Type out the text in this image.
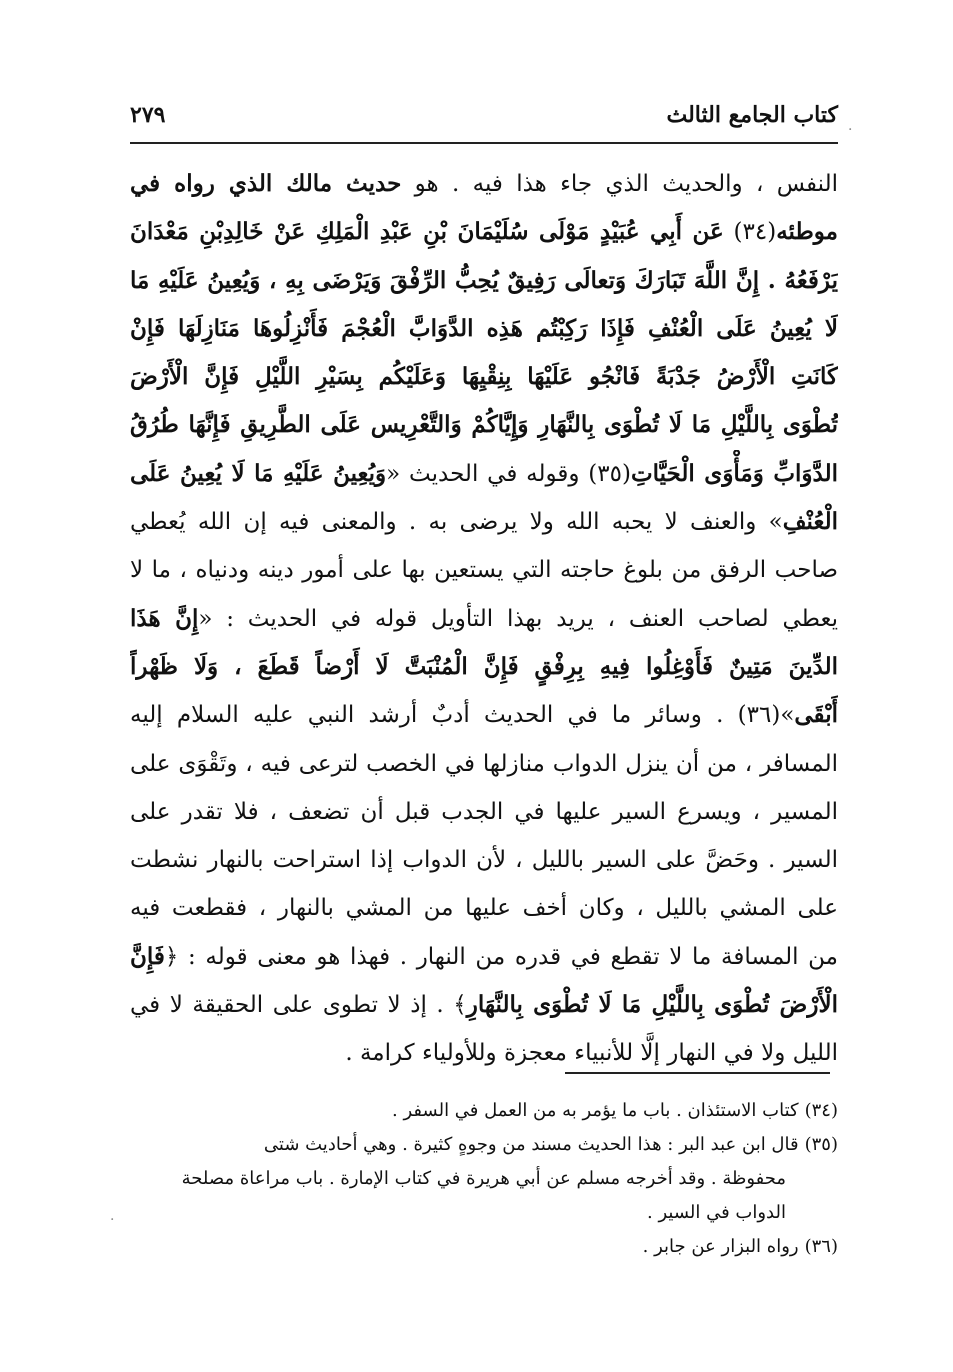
كتاب الجامع الثالث
٢٧٩
النفس ، والحديث الذي جاء هذا فيه . هو حديث مالك الذي رواه في
موطئه(٣٤) عَن أَبِي عُبَيْدٍ مَوْلَى سُلَيْمَانَ بْنِ عَبْدِ الْمَلِكِ عَنْ خَالِدِبْنِ مَعْدَانَ
يَرْفَعُهُ . إِنَّ اللَّهَ تَبَارَكَ وَتعالَى رَفِيقٌ يُحِبُّ الرِّفْقَ وَيَرْضَى بِهِ ، وَيُعِينُ عَلَيْهِ مَا
لَا يُعِينُ عَلَى الْعُنْفِ فَإِذَا رَكِبْتُم هَذِه الدَّوَابَّ الْعُجْمَ فَأَنْزِلُوهَا مَنَازِلَهَا فَإِنْ
كَانَتِ الْأَرْضُ جَدْبَةً فَانْجُو عَلَيْهَا بِنِقْيِهَا وَعَلَيْكُم بِسَيْرِ اللَّيْلِ فَإِنَّ الْأَرْضَ
تُطْوَى بِاللَّيْلِ مَا لَا تُطْوَى بِالنَّهَارِ وَإِيَّاكُمْ وَالتَّعْرِيس عَلَى الطَّرِيقِ فَإِنَّهَا طُرُقُ
الدَّوَابِّ وَمَأْوَى الْحَيَّاتِ(٣٥) وقوله في الحديث «وَيُعِينُ عَلَيْهِ مَا لَا يُعِينُ عَلَى
الْعُنْفِ» والعنف لا يحبه الله ولا يرضى به . والمعنى فيه إن الله يُعطي
صاحب الرفق من بلوغ حاجته التي يستعين بها على أمور دينه ودنياه ، ما لا
يعطي لصاحب العنف ، يريد بهذا التأويل قوله في الحديث : «إِنَّ هَذَا
الدِّينَ مَتِينٌ فَأَوْغِلُوا فِيهِ بِرِفْقٍ فَإِنَّ الْمُنْبَتَّ لَا أَرْضاً قَطَعَ ، وَلَا ظَهْراً
أَبْقَى»(٣٦) . وسائر ما في الحديث أدبٌ أرشد النبي عليه السلام إليه
المسافر ، من أن ينزل الدواب منازلها في الخصب لترعى فيه ، وتَقْوَى على
المسير ، ويسرع السير عليها في الجدب قبل أن تضعف ، فلا تقدر على
السير . وحَضَّ على السير بالليل ، لأن الدواب إذا استراحت بالنهار نشطت
على المشي بالليل ، وكان أخف عليها من المشي بالنهار ، فقطعت فيه
من المسافة ما لا تقطع في قدره من النهار . فهذا هو معنى قوله : ﴿فَإِنَّ
الْأَرْضَ تُطْوَى بِاللَّيْلِ مَا لَا تُطْوَى بِالنَّهَارِ﴾ . إذ لا تطوى على الحقيقة لا في
الليل ولا في النهار إلَّا للأنبياء معجزة وللأولياء كرامة .
(٣٤)كتاب الاستئذان . باب ما يؤمر به من العمل في السفر .
(٣٥)قال ابن عبد البر : هذا الحديث مسند من وجوهٍ كثيرة . وهي أحاديث شتى
محفوظة . وقد أخرجه مسلم عن أبي هريرة في كتاب الإمارة . باب مراعاة مصلحة
الدواب في السير .
(٣٦)رواه البزار عن جابر .
·
·
